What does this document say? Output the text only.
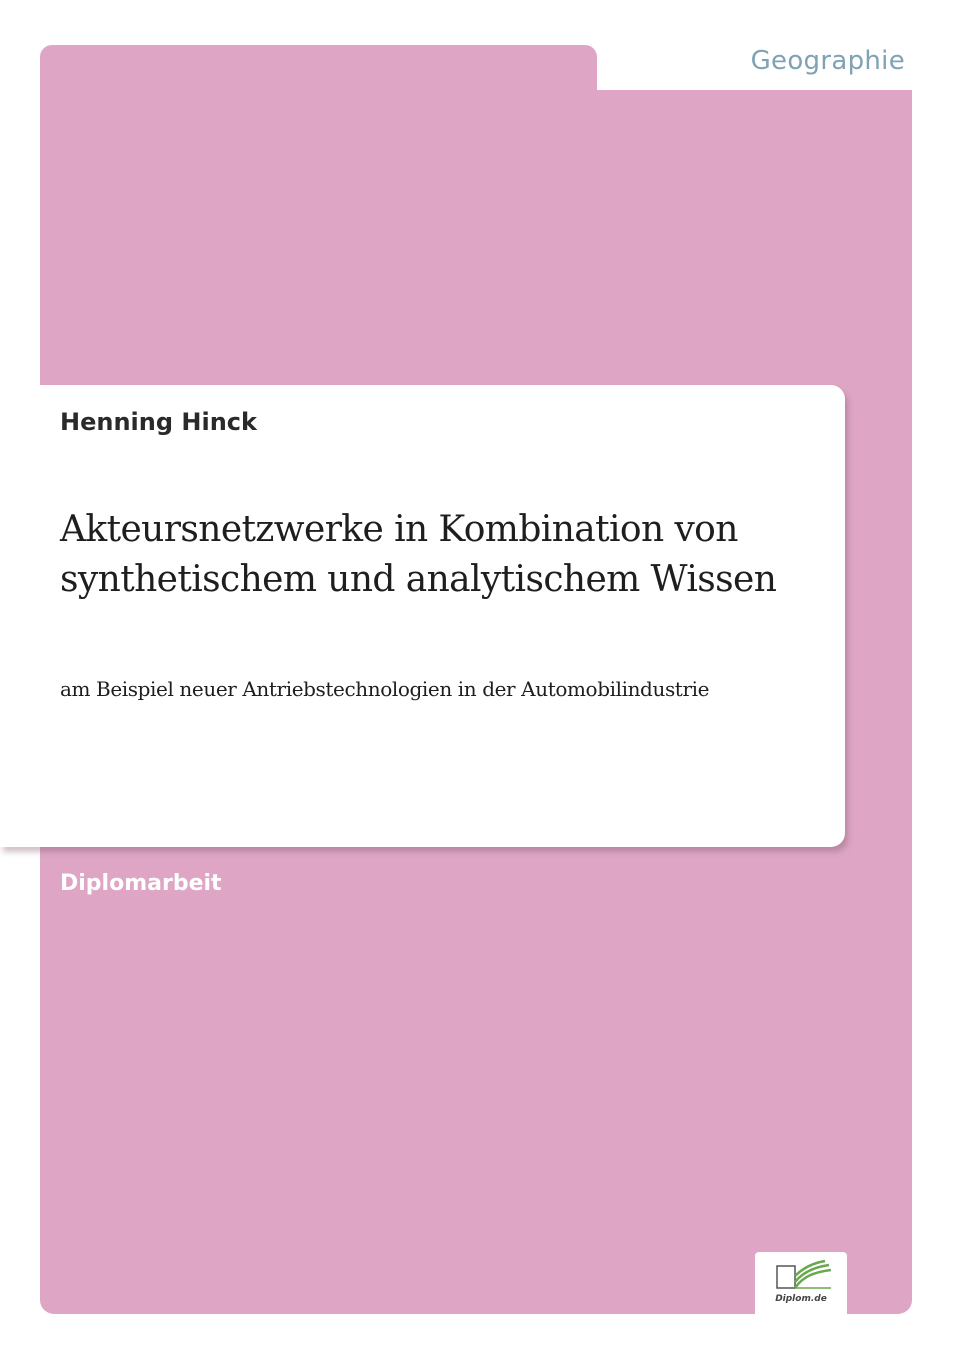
Geographie
Henning Hinck
Akteursnetzwerke in Kombination von synthetischem und analytischem Wissen
am Beispiel neuer Antriebstechnologien in der Automobilindustrie
Diplomarbeit
Diplom.de
